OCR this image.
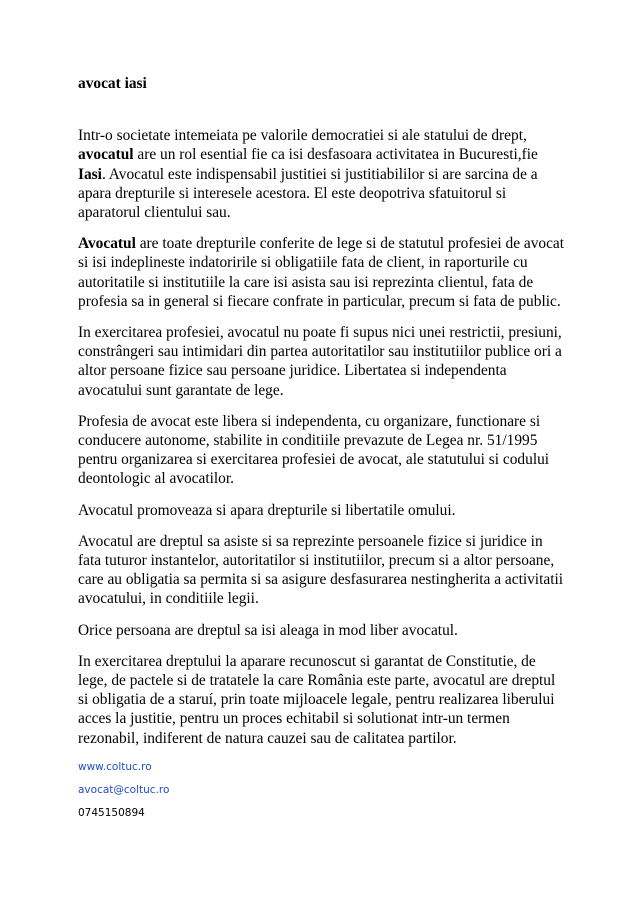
avocat iasi

Intr-o societate intemeiata pe valorile democratiei si ale statului de drept, avocatul are un rol esential fie ca isi desfasoara activitatea in Bucuresti,fie Iasi. Avocatul este indispensabil justitiei si justitiabililor si are sarcina de a apara drepturile si interesele acestora. El este deopotriva sfatuitorul si aparatorul clientului sau.

Avocatul are toate drepturile conferite de lege si de statutul profesiei de avocat si isi indeplineste indatoririle si obligatiile fata de client, in raporturile cu autoritatile si institutiile la care isi asista sau isi reprezinta clientul, fata de profesia sa in general si fiecare confrate in particular, precum si fata de public.

In exercitarea profesiei, avocatul nu poate fi supus nici unei restrictii, presiuni, constrângeri sau intimidari din partea autoritatilor sau institutiilor publice ori a altor persoane fizice sau persoane juridice. Libertatea si independenta avocatului sunt garantate de lege.

Profesia de avocat este libera si independenta, cu organizare, functionare si conducere autonome, stabilite in conditiile prevazute de Legea nr. 51/1995 pentru organizarea si exercitarea profesiei de avocat, ale statutului si codului deontologic al avocatilor.

Avocatul promoveaza si apara drepturile si libertatile omului.

Avocatul are dreptul sa asiste si sa reprezinte persoanele fizice si juridice in fata tuturor instantelor, autoritatilor si institutiilor, precum si a altor persoane, care au obligatia sa permita si sa asigure desfasurarea nestingherita a activitatii avocatului, in conditiile legii.

Orice persoana are dreptul sa isi aleaga in mod liber avocatul.

In exercitarea dreptului la aparare recunoscut si garantat de Constitutie, de lege, de pactele si de tratatele la care România este parte, avocatul are dreptul si obligatia de a staruí, prin toate mijloacele legale, pentru realizarea liberului acces la justitie, pentru un proces echitabil si solutionat intr-un termen rezonabil, indiferent de natura cauzei sau de calitatea partilor.

www.coltuc.ro
avocat@coltuc.ro
0745150894
